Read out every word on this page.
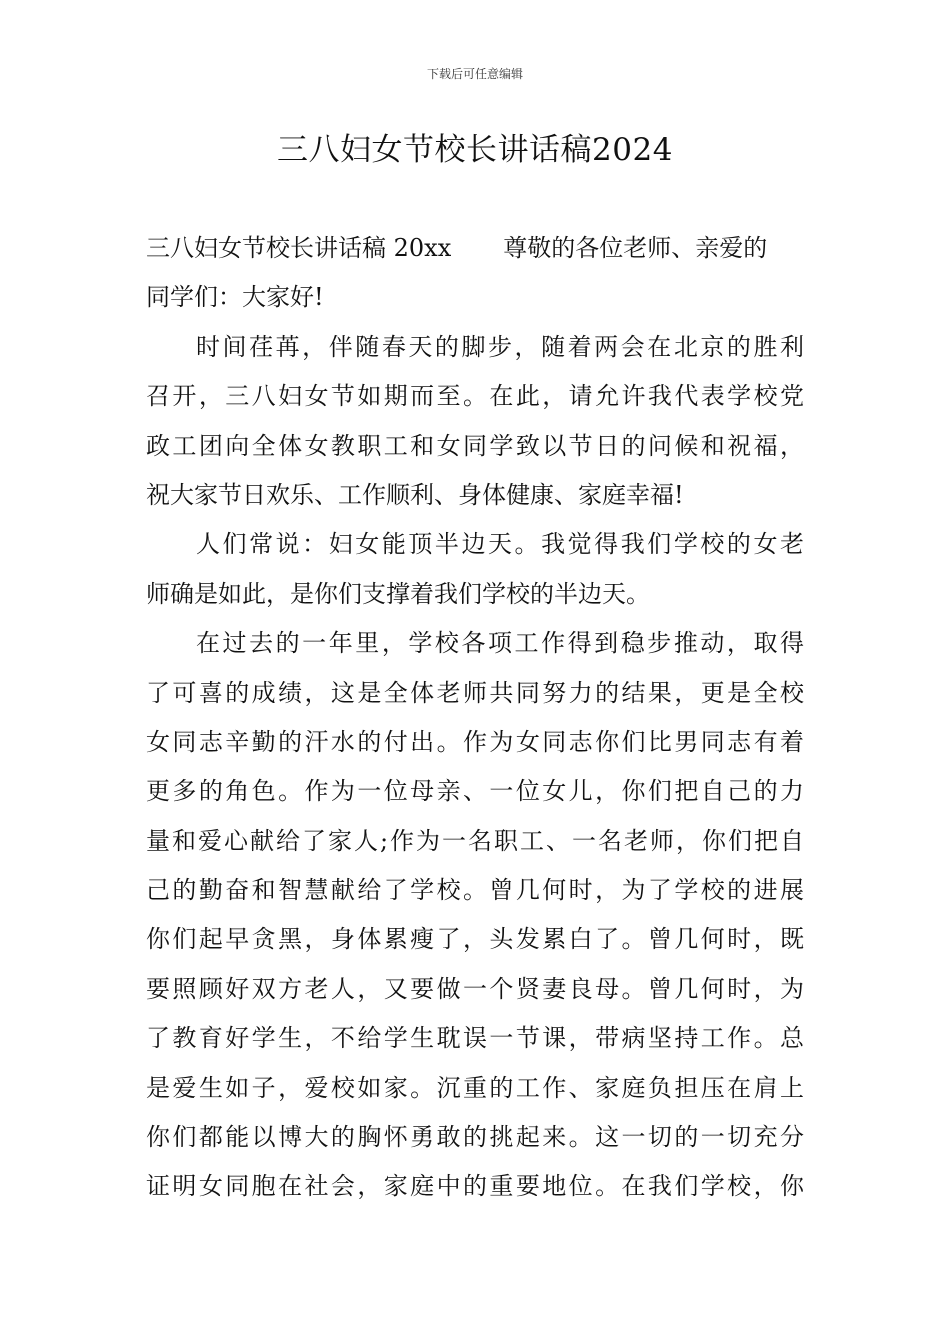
下载后可任意编辑
三八妇女节校长讲话稿2024
三八妇女节校长讲话稿 20xx 尊敬的各位老师、亲爱的
同学们：大家好!
时间荏苒，伴随春天的脚步，随着两会在北京的胜利
召开，三八妇女节如期而至。在此，请允许我代表学校党
政工团向全体女教职工和女同学致以节日的问候和祝福，
祝大家节日欢乐、工作顺利、身体健康、家庭幸福!
人们常说：妇女能顶半边天。我觉得我们学校的女老
师确是如此，是你们支撑着我们学校的半边天。
在过去的一年里，学校各项工作得到稳步推动，取得
了可喜的成绩，这是全体老师共同努力的结果，更是全校
女同志辛勤的汗水的付出。作为女同志你们比男同志有着
更多的角色。作为一位母亲、一位女儿，你们把自己的力
量和爱心献给了家人;作为一名职工、一名老师，你们把自
己的勤奋和智慧献给了学校。曾几何时，为了学校的进展
你们起早贪黑，身体累瘦了，头发累白了。曾几何时，既
要照顾好双方老人，又要做一个贤妻良母。曾几何时，为
了教育好学生，不给学生耽误一节课，带病坚持工作。总
是爱生如子，爱校如家。沉重的工作、家庭负担压在肩上
你们都能以博大的胸怀勇敢的挑起来。这一切的一切充分
证明女同胞在社会，家庭中的重要地位。在我们学校，你
